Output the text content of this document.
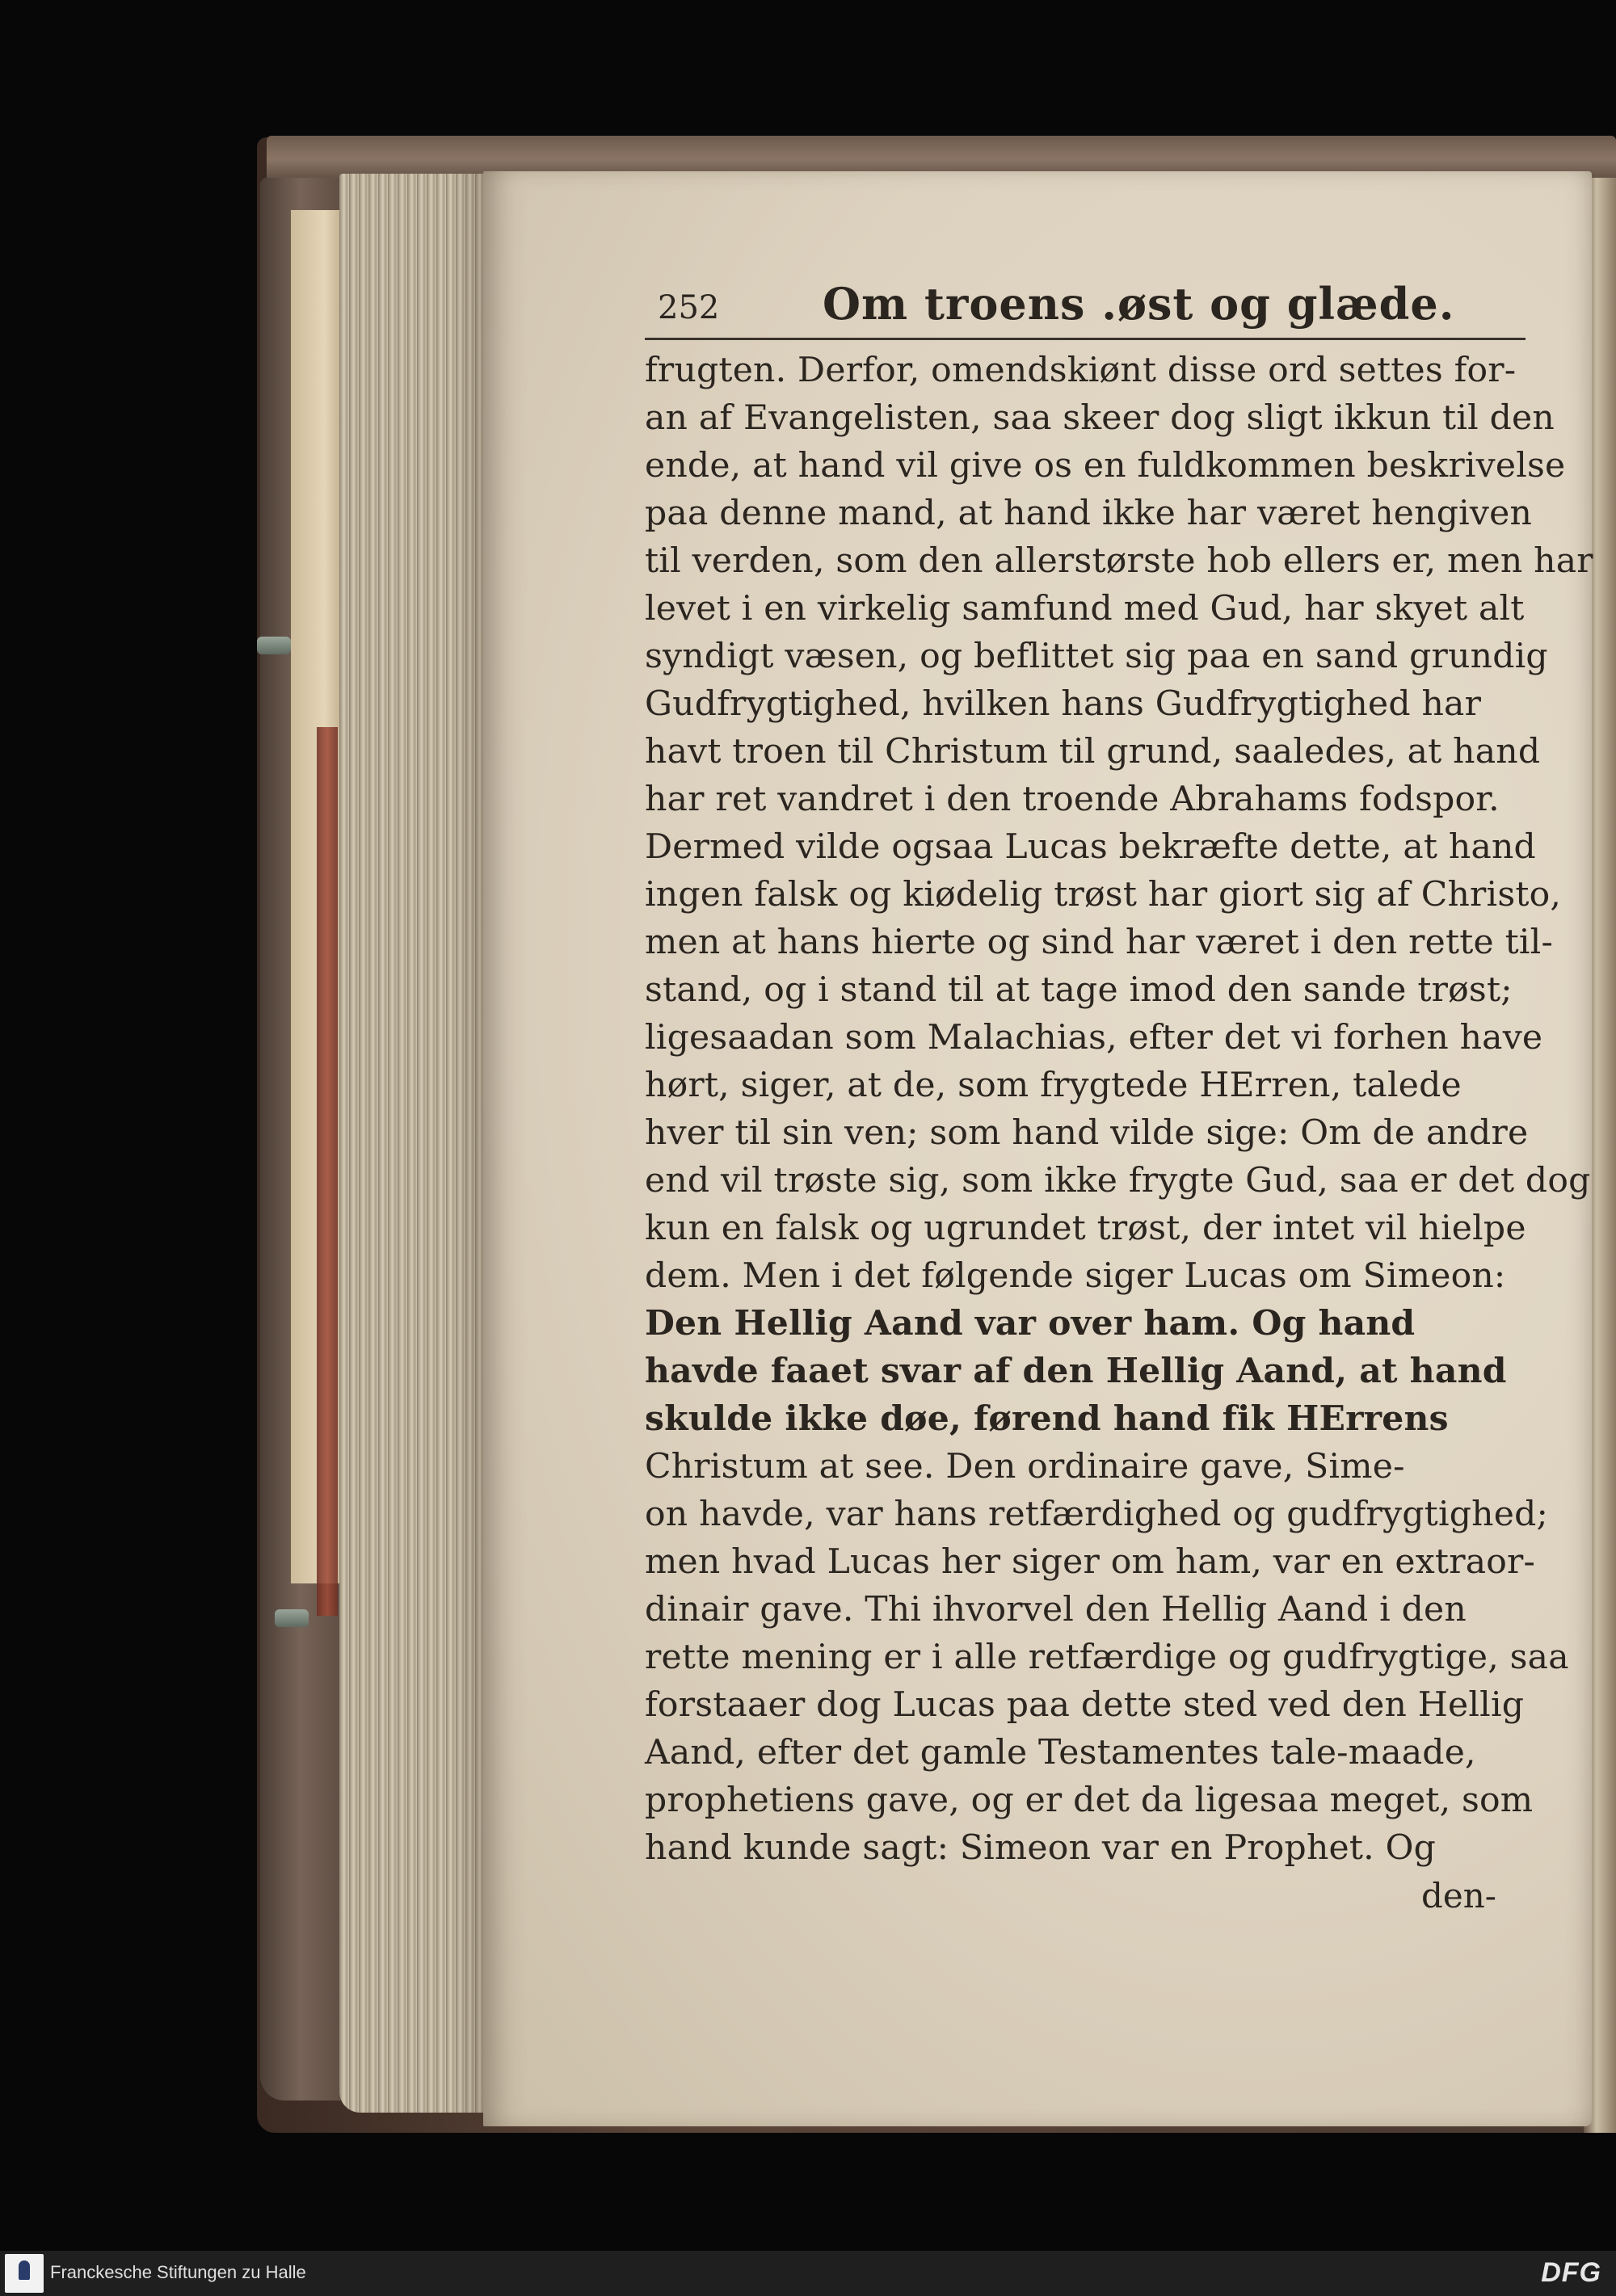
252 Om troens .øst og glæde.
frugten. Derfor, omendskiønt disse ord settes for-
an af Evangelisten, saa skeer dog sligt ikkun til den
ende, at hand vil give os en fuldkommen beskrivelse
paa denne mand, at hand ikke har været hengiven
til verden, som den allerstørste hob ellers er, men har
levet i en virkelig samfund med Gud, har skyet alt
syndigt væsen, og beflittet sig paa en sand grundig
Gudfrygtighed, hvilken hans Gudfrygtighed har
havt troen til Christum til grund, saaledes, at hand
har ret vandret i den troende Abrahams fodspor.
Dermed vilde ogsaa Lucas bekræfte dette, at hand
ingen falsk og kiødelig trøst har giort sig af Christo,
men at hans hierte og sind har været i den rette til-
stand, og i stand til at tage imod den sande trøst;
ligesaadan som Malachias, efter det vi forhen have
hørt, siger, at de, som frygtede HErren, talede
hver til sin ven; som hand vilde sige: Om de andre
end vil trøste sig, som ikke frygte Gud, saa er det dog
kun en falsk og ugrundet trøst, der intet vil hielpe
dem. Men i det følgende siger Lucas om Simeon:
Den Hellig Aand var over ham. Og hand
havde faaet svar af den Hellig Aand, at hand
skulde ikke døe, førend hand fik HErrens
Christum at see. Den ordinaire gave, Sime-
on havde, var hans retfærdighed og gudfrygtighed;
men hvad Lucas her siger om ham, var en extraor-
dinair gave. Thi ihvorvel den Hellig Aand i den
rette mening er i alle retfærdige og gudfrygtige, saa
forstaaer dog Lucas paa dette sted ved den Hellig
Aand, efter det gamle Testamentes tale-maade,
prophetiens gave, og er det da ligesaa meget, som
hand kunde sagt: Simeon var en Prophet. Og
den-
Franckesche Stiftungen zu Halle	DFG
